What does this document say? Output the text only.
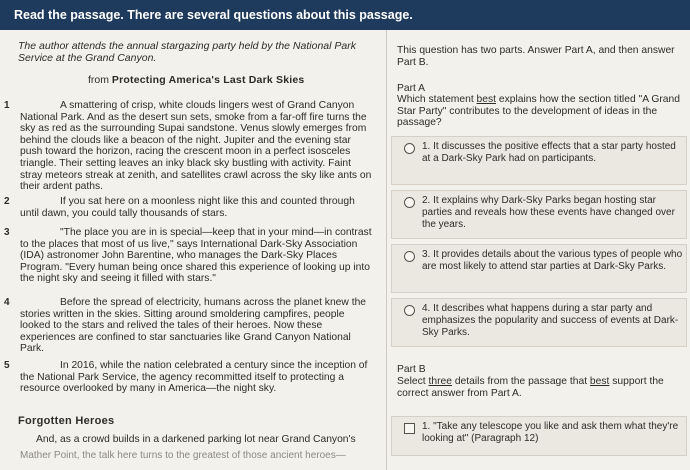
Read the passage. There are several questions about this passage.
The author attends the annual stargazing party held by the National Park Service at the Grand Canyon.
from Protecting America's Last Dark Skies
1	A smattering of crisp, white clouds lingers west of Grand Canyon National Park. And as the desert sun sets, smoke from a far-off fire turns the sky as red as the surrounding Supai sandstone. Venus slowly emerges from behind the clouds like a beacon of the night. Jupiter and the evening star push toward the horizon, racing the crescent moon in a perfect isosceles triangle. Their setting leaves an inky black sky bustling with activity. Faint stray meteors streak at zenith, and satellites crawl across the sky like ants on their ardent paths.
2	If you sat here on a moonless night like this and counted through until dawn, you could tally thousands of stars.
3	"The place you are in is special—keep that in your mind—in contrast to the places that most of us live," says International Dark-Sky Association (IDA) astronomer John Barentine, who manages the Dark-Sky Places Program. "Every human being once shared this experience of looking up into the night sky and seeing it filled with stars."
4	Before the spread of electricity, humans across the planet knew the stories written in the skies. Sitting around smoldering campfires, people looked to the stars and relived the tales of their heroes. Now these experiences are confined to star sanctuaries like Grand Canyon National Park.
5	In 2016, while the nation celebrated a century since the inception of the National Park Service, the agency recommitted itself to protecting a resource overlooked by many in America—the night sky.
Forgotten Heroes
And, as a crowd builds in a darkened parking lot near Grand Canyon's
Mather Point, the talk here turns to the greatest of those ancient heroes—
This question has two parts. Answer Part A, and then answer Part B.
Part A
Which statement best explains how the section titled "A Grand Star Party" contributes to the development of ideas in the passage?
1. It discusses the positive effects that a star party hosted at a Dark-Sky Park had on participants.
2. It explains why Dark-Sky Parks began hosting star parties and reveals how these events have changed over the years.
3. It provides details about the various types of people who are most likely to attend star parties at Dark-Sky Parks.
4. It describes what happens during a star party and emphasizes the popularity and success of events at Dark-Sky Parks.
Part B
Select three details from the passage that best support the correct answer from Part A.
1. "Take any telescope you like and ask them what they're looking at" (Paragraph 12)
